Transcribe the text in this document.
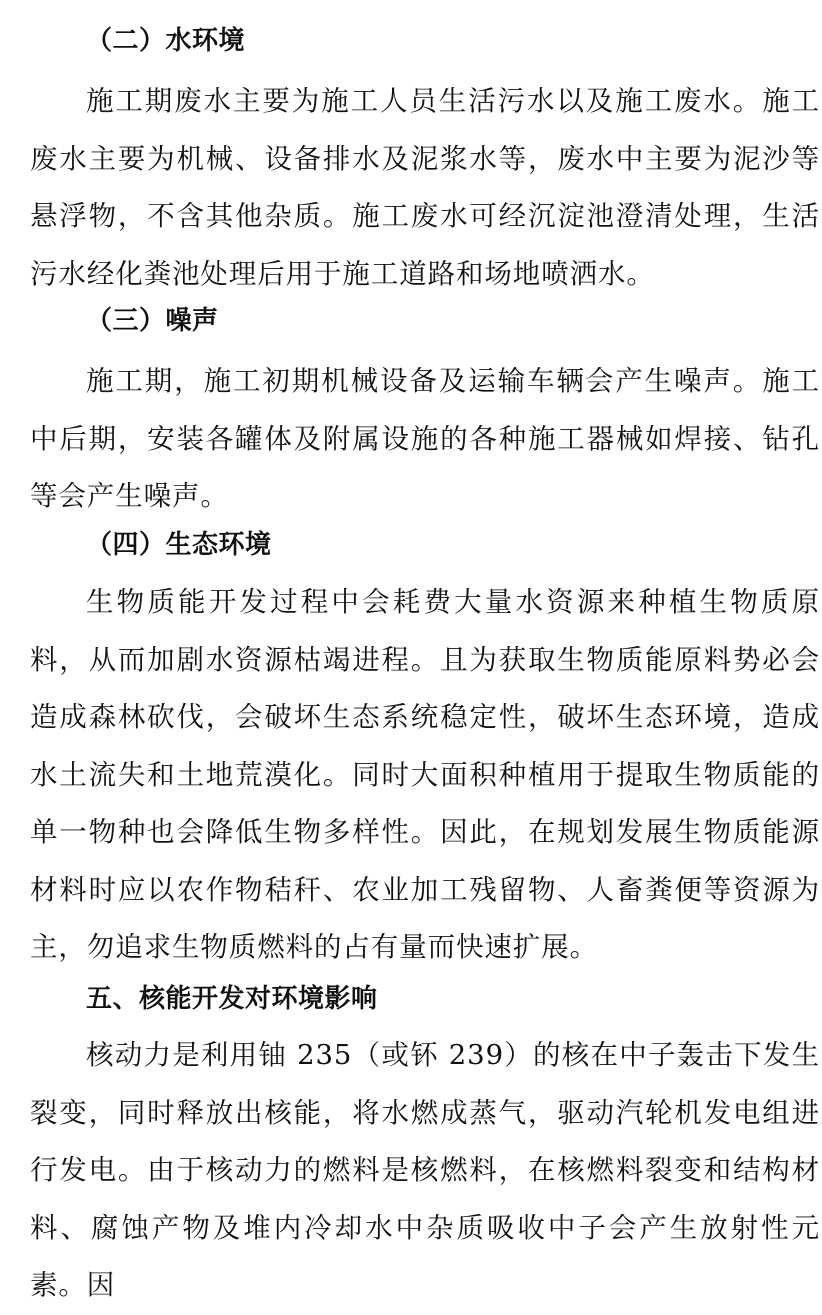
（二）水环境

施工期废水主要为施工人员生活污水以及施工废水。施工废水主要为机械、设备排水及泥浆水等，废水中主要为泥沙等悬浮物，不含其他杂质。施工废水可经沉淀池澄清处理，生活污水经化粪池处理后用于施工道路和场地喷洒水。

（三）噪声

施工期，施工初期机械设备及运输车辆会产生噪声。施工中后期，安装各罐体及附属设施的各种施工器械如焊接、钻孔等会产生噪声。

（四）生态环境

生物质能开发过程中会耗费大量水资源来种植生物质原料，从而加剧水资源枯竭进程。且为获取生物质能原料势必会造成森林砍伐，会破坏生态系统稳定性，破坏生态环境，造成水土流失和土地荒漠化。同时大面积种植用于提取生物质能的单一物种也会降低生物多样性。因此，在规划发展生物质能源材料时应以农作物秸秆、农业加工残留物、人畜粪便等资源为主，勿追求生物质燃料的占有量而快速扩展。

五、核能开发对环境影响

核动力是利用铀 235（或钚 239）的核在中子轰击下发生裂变，同时释放出核能，将水燃成蒸气，驱动汽轮机发电组进行发电。由于核动力的燃料是核燃料，在核燃料裂变和结构材料、腐蚀产物及堆内冷却水中杂质吸收中子会产生放射性元素。因
